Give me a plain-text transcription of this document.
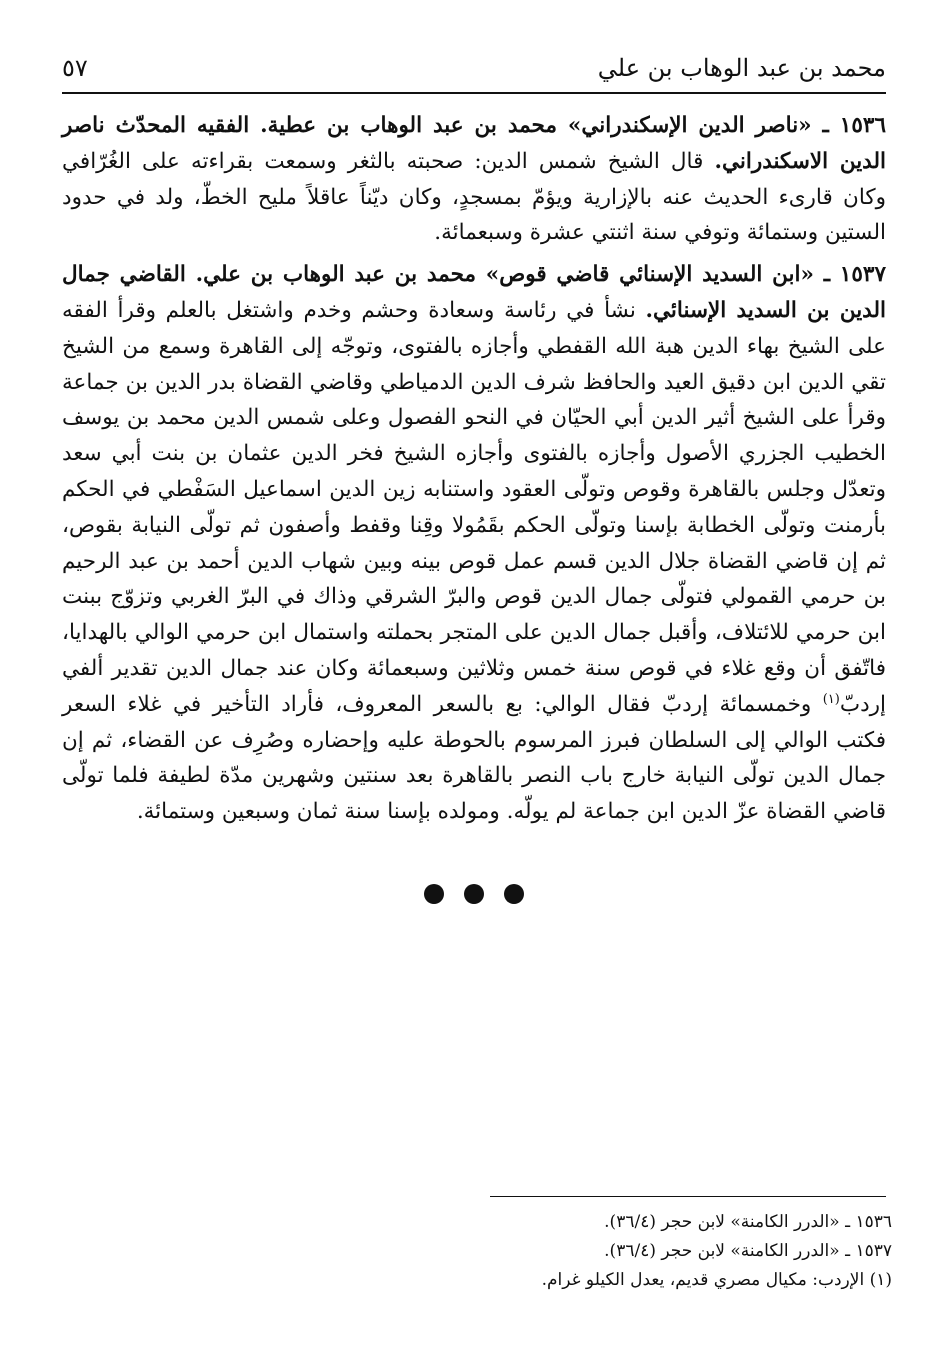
محمد بن عبد الوهاب بن علي
٥٧

١٥٣٦ ـ «ناصر الدين الإسكندراني» محمد بن عبد الوهاب بن عطية. الفقيه المحدّث ناصر الدين الاسكندراني. قال الشيخ شمس الدين: صحبته بالثغر وسمعت بقراءته على الغُرّافي وكان قارىء الحديث عنه بالإزارية ويؤمّ بمسجدٍ، وكان ديّناً عاقلاً مليح الخطّ، ولد في حدود الستين وستمائة وتوفي سنة اثنتي عشرة وسبعمائة.

١٥٣٧ ـ «ابن السديد الإسنائي قاضي قوص» محمد بن عبد الوهاب بن علي. القاضي جمال الدين بن السديد الإسنائي. نشأ في رئاسة وسعادة وحشم وخدم واشتغل بالعلم وقرأ الفقه على الشيخ بهاء الدين هبة الله القفطي وأجازه بالفتوى، وتوجّه إلى القاهرة وسمع من الشيخ تقي الدين ابن دقيق العيد والحافظ شرف الدين الدمياطي وقاضي القضاة بدر الدين بن جماعة وقرأ على الشيخ أثير الدين أبي الحيّان في النحو الفصول وعلى شمس الدين محمد بن يوسف الخطيب الجزري الأصول وأجازه بالفتوى وأجازه الشيخ فخر الدين عثمان بن بنت أبي سعد وتعدّل وجلس بالقاهرة وقوص وتولّى العقود واستنابه زين الدين اسماعيل السَفْطي في الحكم بأرمنت وتولّى الخطابة بإسنا وتولّى الحكم بقَمُولا وقِنا وقفط وأصفون ثم تولّى النيابة بقوص، ثم إن قاضي القضاة جلال الدين قسم عمل قوص بينه وبين شهاب الدين أحمد بن عبد الرحيم بن حرمي القمولي فتولّى جمال الدين قوص والبرّ الشرقي وذاك في البرّ الغربي وتزوّج ببنت ابن حرمي للائتلاف، وأقبل جمال الدين على المتجر بحملته واستمال ابن حرمي الوالي بالهدايا، فاتّفق أن وقع غلاء في قوص سنة خمس وثلاثين وسبعمائة وكان عند جمال الدين تقدير ألفي إردبّ$^{(١)}$ وخمسمائة إردبّ فقال الوالي: بع بالسعر المعروف، فأراد التأخير في غلاء السعر فكتب الوالي إلى السلطان فبرز المرسوم بالحوطة عليه وإحضاره وصُرِف عن القضاء، ثم إن جمال الدين تولّى النيابة خارج باب النصر بالقاهرة بعد سنتين وشهرين مدّة لطيفة فلما تولّى قاضي القضاة عزّ الدين ابن جماعة لم يولّه. ومولده بإسنا سنة ثمان وسبعين وستمائة.

١٥٣٦ ـ «الدرر الكامنة» لابن حجر (٣٦/٤).
١٥٣٧ ـ «الدرر الكامنة» لابن حجر (٣٦/٤).
(١) الإردب: مكيال مصري قديم، يعدل الكيلو غرام.
